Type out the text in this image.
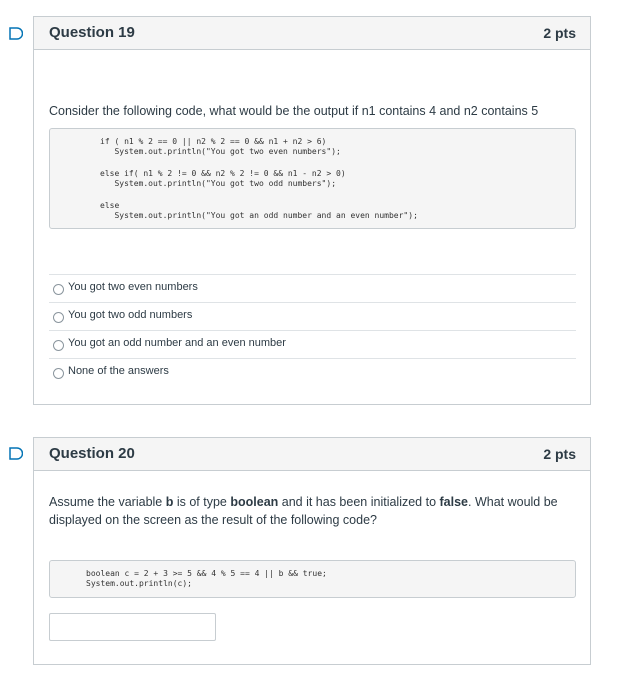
Question 19	2 pts
Consider the following code, what would be the output if n1 contains 4 and n2 contains 5
if ( n1 % 2 == 0 || n2 % 2 == 0 && n1 + n2 > 6)
System.out.println("You got two even numbers");
else if( n1 % 2 != 0 && n2 % 2 != 0 && n1 - n2 > 0)
System.out.println("You got two odd numbers");
else
System.out.println("You got an odd number and an even number");
You got two even numbers
You got two odd numbers
You got an odd number and an even number
None of the answers
Question 20	2 pts
Assume the variable b is of type boolean and it has been initialized to false. What would be
displayed on the screen as the result of the following code?
boolean c = 2 + 3 >= 5 && 4 % 5 == 4 || b && true;
System.out.println(c);
